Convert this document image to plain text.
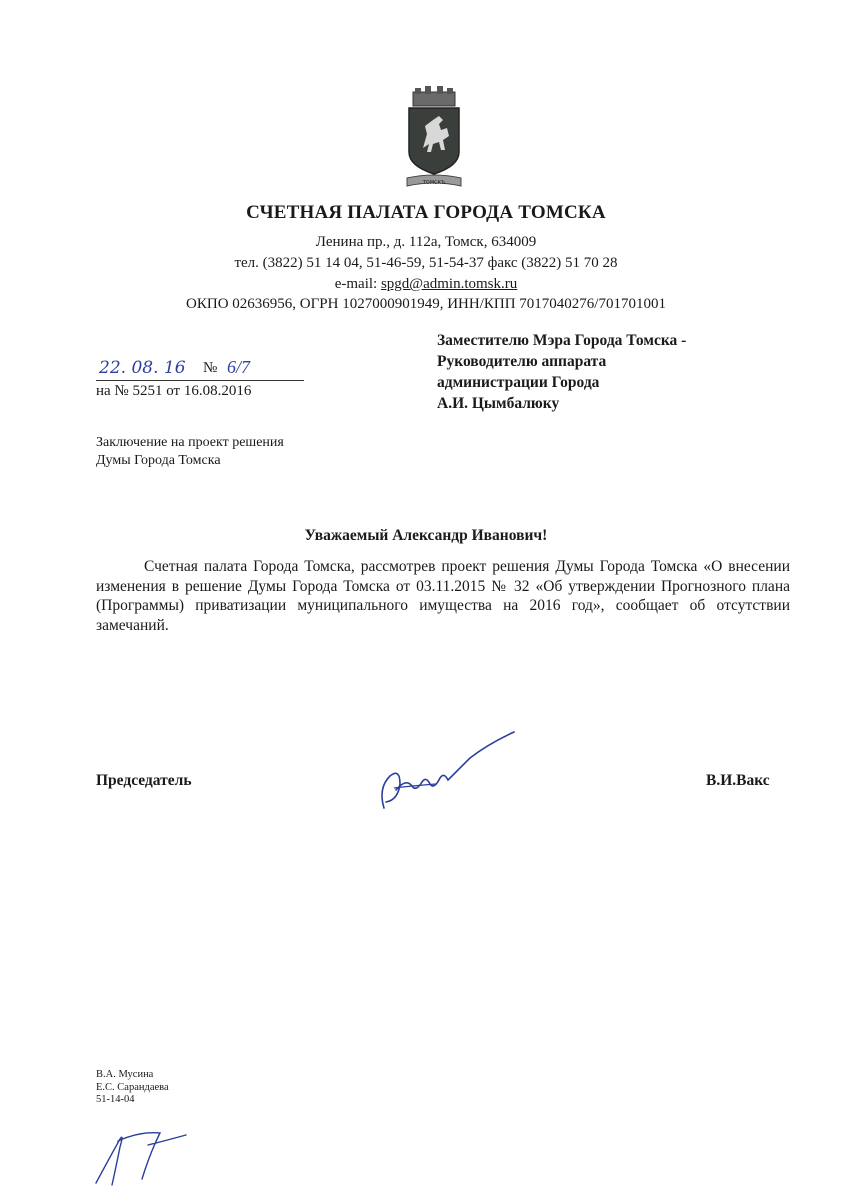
ТОМСКЪ
СЧЕТНАЯ ПАЛАТА ГОРОДА ТОМСКА
Ленина пр., д. 112а, Томск, 634009
тел. (3822) 51 14 04, 51-46-59, 51-54-37 факс (3822) 51 70 28
e-mail: spgd@admin.tomsk.ru
ОКПО 02636956, ОГРН 1027000901949, ИНН/КПП 7017040276/701701001
Заместителю Мэра Города Томска -
Руководителю аппарата
администрации Города
А.И. Цымбалюку
22. 08. 16 № 6/7
на № 5251 от 16.08.2016
Заключение на проект решения
Думы Города Томска
Уважаемый Александр Иванович!
Счетная палата Города Томска, рассмотрев проект решения Думы Города Томска «О внесении изменения в решение Думы Города Томска от 03.11.2015 № 32 «Об утверждении Прогнозного плана (Программы) приватизации муниципального имущества на 2016 год», сообщает об отсутствии замечаний.
Председатель	В.И.Вакс
В.А. Мусина
Е.С. Сарандаева
51-14-04
